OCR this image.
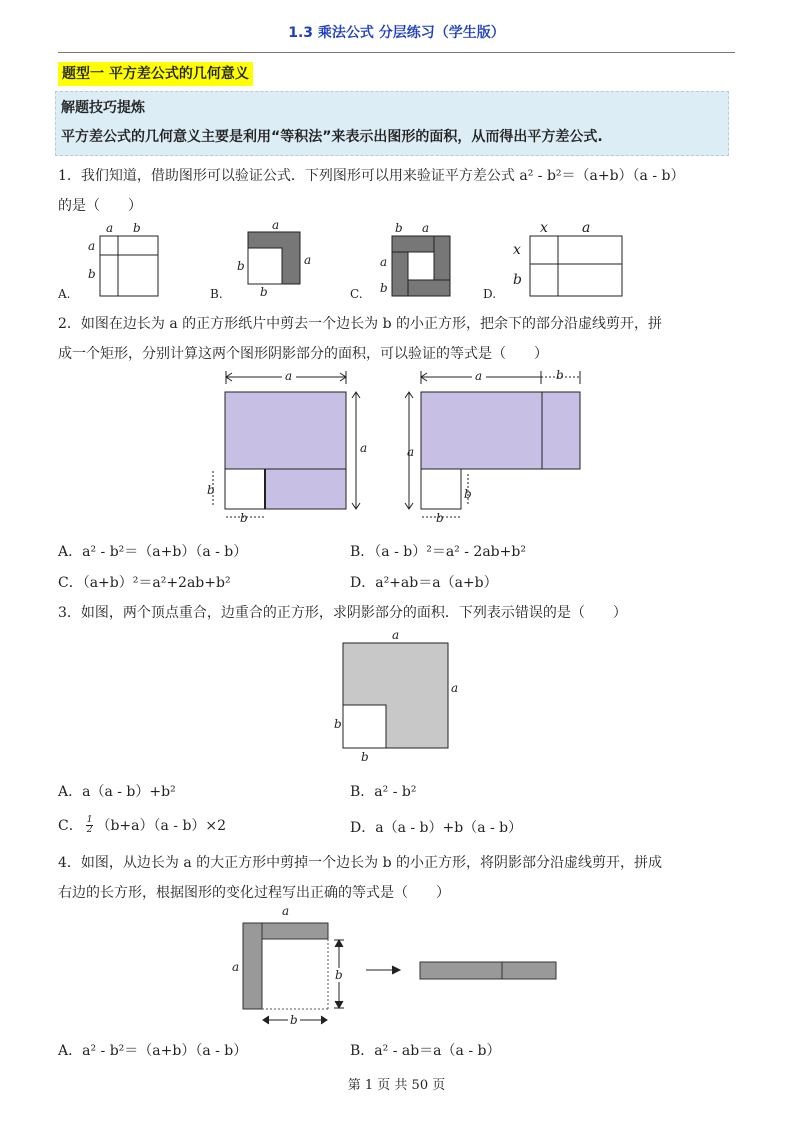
1.3 乘法公式 分层练习（学生版）
题型一 平方差公式的几何意义
解题技巧提炼
平方差公式的几何意义主要是利用“等积法”来表示出图形的面积，从而得出平方差公式.
1．我们知道，借助图形可以验证公式．下列图形可以用来验证平方差公式 a² - b²＝（a+b）（a - b）
的是（　　）
A.
a b
a
b
B.
a
a
b
b	C.
b a
a
b	D.
x a
x
b
2．如图在边长为 a 的正方形纸片中剪去一个边长为 b 的小正方形，把余下的部分沿虚线剪开，拼
成一个矩形，分别计算这两个图形阴影部分的面积，可以验证的等式是（　　）
a
a
b
b
a	b
a
b
b
A．a² - b²＝（a+b）（a - b）	B．（a - b）²＝a² - 2ab+b²
C．（a+b）²＝a²+2ab+b²	D．a²+ab＝a（a+b）
3．如图，两个顶点重合，边重合的正方形，求阴影部分的面积．下列表示错误的是（　　）
a
a
b
b
A．a（a - b）+b²	B．a² - b²
C． $\frac{1}{2} (b+a)(a - b)\times 2$	D．a（a - b）+b（a - b）
4．如图，从边长为 a 的大正方形中剪掉一个边长为 b 的小正方形，将阴影部分沿虚线剪开，拼成
右边的长方形，根据图形的变化过程写出正确的等式是（　　）
a
a
b
b
A．a² - b²＝（a+b）（a - b）	B．a² - ab＝a（a - b）
第 1 页 共 50 页
